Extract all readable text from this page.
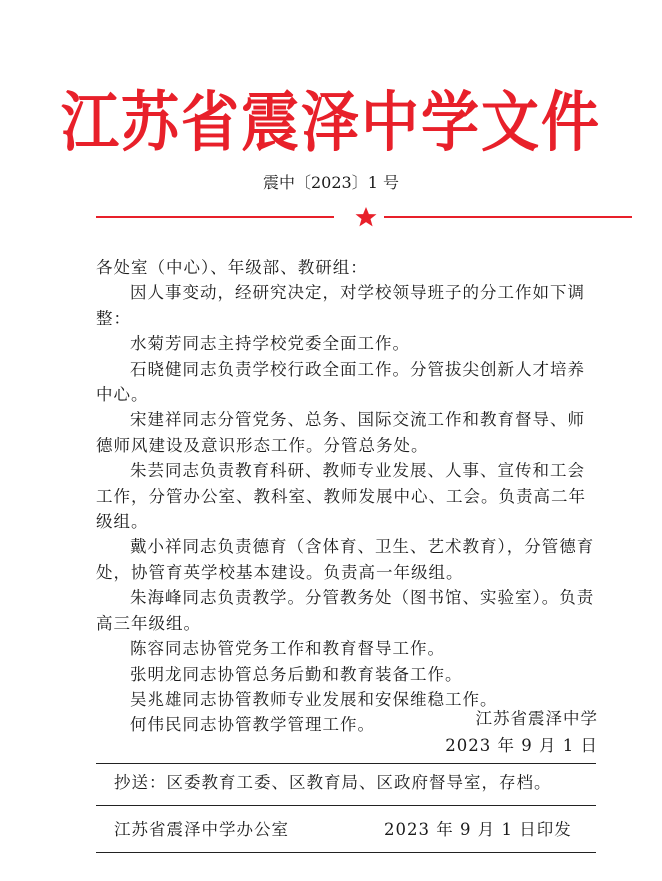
江苏省震泽中学文件
震中〔2023〕1 号

各处室（中心）、年级部、教研组：

因人事变动，经研究决定，对学校领导班子的分工作如下调整：

水菊芳同志主持学校党委全面工作。

石晓健同志负责学校行政全面工作。分管拔尖创新人才培养中心。

宋建祥同志分管党务、总务、国际交流工作和教育督导、师德师风建设及意识形态工作。分管总务处。

朱芸同志负责教育科研、教师专业发展、人事、宣传和工会工作，分管办公室、教科室、教师发展中心、工会。负责高二年级组。

戴小祥同志负责德育（含体育、卫生、艺术教育），分管德育处，协管育英学校基本建设。负责高一年级组。

朱海峰同志负责教学。分管教务处（图书馆、实验室）。负责高三年级组。

陈容同志协管党务工作和教育督导工作。

张明龙同志协管总务后勤和教育装备工作。

吴兆雄同志协管教师专业发展和安保维稳工作。

何伟民同志协管教学管理工作。	江苏省震泽中学
2023 年 9 月 1 日
抄送：区委教育工委、区教育局、区政府督导室，存档。
江苏省震泽中学办公室	2023 年 9 月 1 日印发
